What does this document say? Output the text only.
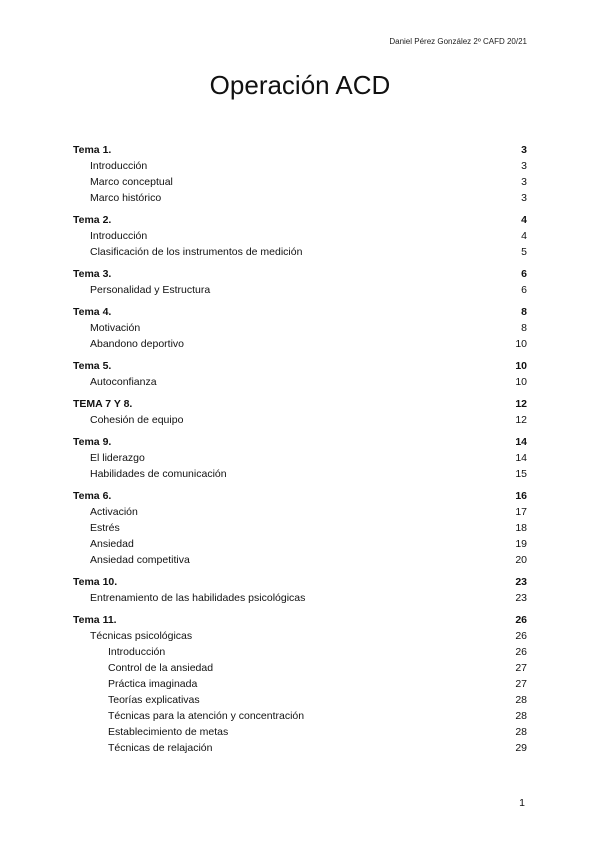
Daniel Pérez González 2º CAFD 20/21
Operación ACD
Tema 1.	3
Introducción	3
Marco conceptual	3
Marco histórico	3
Tema 2.	4
Introducción	4
Clasificación de los instrumentos de medición	5
Tema 3.	6
Personalidad y Estructura	6
Tema 4.	8
Motivación	8
Abandono deportivo	10
Tema 5.	10
Autoconfianza	10
TEMA 7 Y 8.	12
Cohesión de equipo	12
Tema 9.	14
El liderazgo	14
Habilidades de comunicación	15
Tema 6.	16
Activación	17
Estrés	18
Ansiedad	19
Ansiedad competitiva	20
Tema 10.	23
Entrenamiento de las habilidades psicológicas	23
Tema 11.	26
Técnicas psicológicas	26
Introducción	26
Control de la ansiedad	27
Práctica imaginada	27
Teorías explicativas	28
Técnicas para la atención y concentración	28
Establecimiento de metas	28
Técnicas de relajación	29
1
